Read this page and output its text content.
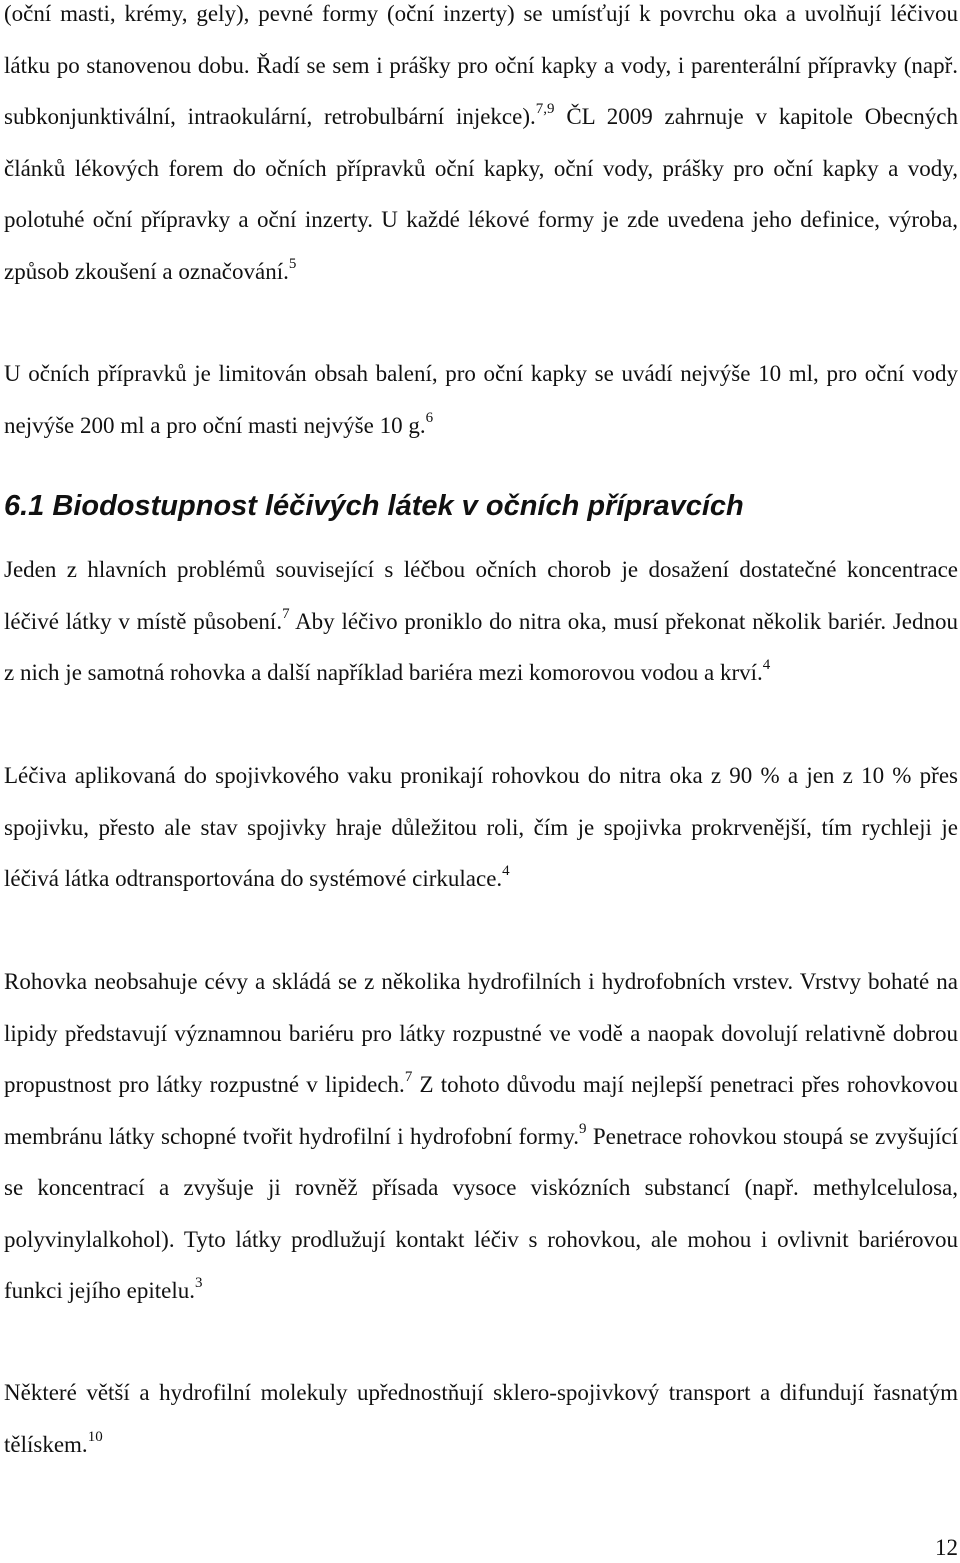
(oční masti, krémy, gely), pevné formy (oční inzerty) se umísťují k povrchu oka a uvolňují léčivou látku po stanovenou dobu. Řadí se sem i prášky pro oční kapky a vody, i parenterální přípravky (např. subkonjunktivální, intraokulární, retrobulbární injekce).$^{7,9}$ ČL 2009 zahrnuje v kapitole Obecných článků lékových forem do očních přípravků oční kapky, oční vody, prášky pro oční kapky a vody, polotuhé oční přípravky a oční inzerty. U každé lékové formy je zde uvedena jeho definice, výroba, způsob zkoušení a označování.$^5$

U očních přípravků je limitován obsah balení, pro oční kapky se uvádí nejvýše 10 ml, pro oční vody nejvýše 200 ml a pro oční masti nejvýše 10 g.$^6$

6.1 Biodostupnost léčivých látek v očních přípravcích

Jeden z hlavních problémů související s léčbou očních chorob je dosažení dostatečné koncentrace léčivé látky v místě působení.$^7$ Aby léčivo proniklo do nitra oka, musí překonat několik bariér. Jednou z nich je samotná rohovka a další například bariéra mezi komorovou vodou a krví.$^4$

Léčiva aplikovaná do spojivkového vaku pronikají rohovkou do nitra oka z 90 % a jen z 10 % přes spojivku, přesto ale stav spojivky hraje důležitou roli, čím je spojivka prokrvenější, tím rychleji je léčivá látka odtransportována do systémové cirkulace.$^4$

Rohovka neobsahuje cévy a skládá se z několika hydrofilních i hydrofobních vrstev. Vrstvy bohaté na lipidy představují významnou bariéru pro látky rozpustné ve vodě a naopak dovolují relativně dobrou propustnost pro látky rozpustné v lipidech.$^7$ Z tohoto důvodu mají nejlepší penetraci přes rohovkovou membránu látky schopné tvořit hydrofilní i hydrofobní formy.$^9$ Penetrace rohovkou stoupá se zvyšující se koncentrací a zvyšuje ji rovněž přísada vysoce viskózních substancí (např. methylcelulosa, polyvinylalkohol). Tyto látky prodlužují kontakt léčiv s rohovkou, ale mohou i ovlivnit bariérovou funkci jejího epitelu.$^3$

Některé větší a hydrofilní molekuly upřednostňují sklero-spojivkový transport a difundují řasnatým tělískem.$^{10}$

12
